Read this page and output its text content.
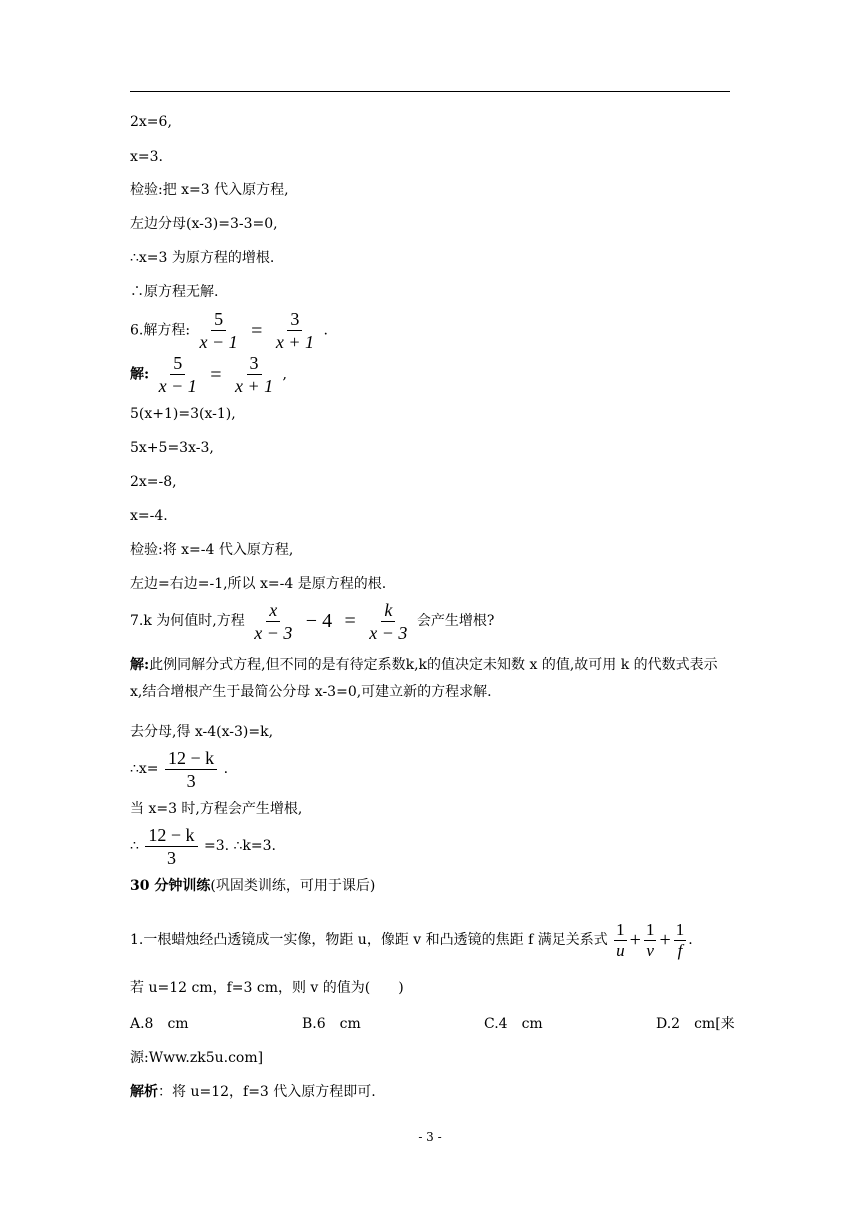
2x=6,
x=3.
检验:把 x=3 代入原方程,
左边分母(x-3)=3-3=0,
∴x=3 为原方程的增根.
∴原方程无解.
6.解方程: $\frac{5}{x - 1} = \frac{3}{x + 1}$ .
解: $\frac{5}{x - 1} = \frac{3}{x + 1}$ ,
5(x+1)=3(x-1),
5x+5=3x-3,
2x=-8,
x=-4.
检验:将 x=-4 代入原方程,
左边=右边=-1,所以 x=-4 是原方程的根.
7.k 为何值时,方程 $\frac{x}{x - 3} - 4 = \frac{k}{x - 3}$ 会产生增根?
解:此例同解分式方程,但不同的是有待定系数k,k的值决定未知数 x 的值,故可用 k 的代数式表示 x,结合增根产生于最简公分母 x-3=0,可建立新的方程求解.
去分母,得 x-4(x-3)=k,
∴x= $\frac{12 - k}{3}$ .
当 x=3 时,方程会产生增根,
∴ $\frac{12 - k}{3} =3$. ∴k=3.
30 分钟训练(巩固类训练，可用于课后)
1.一根蜡烛经凸透镜成一实像，物距 u，像距 v 和凸透镜的焦距 f 满足关系式 $\frac{1}{u} + \frac{1}{v} + \frac{1}{f}$ .
若 u=12 cm，f=3 cm，则 v 的值为(　　)
A.8　cm	B.6　cm	C.4　cm	D.2　cm[来
源:Www.zk5u.com]
解析：将 u=12，f=3 代入原方程即可.
- 3 -
